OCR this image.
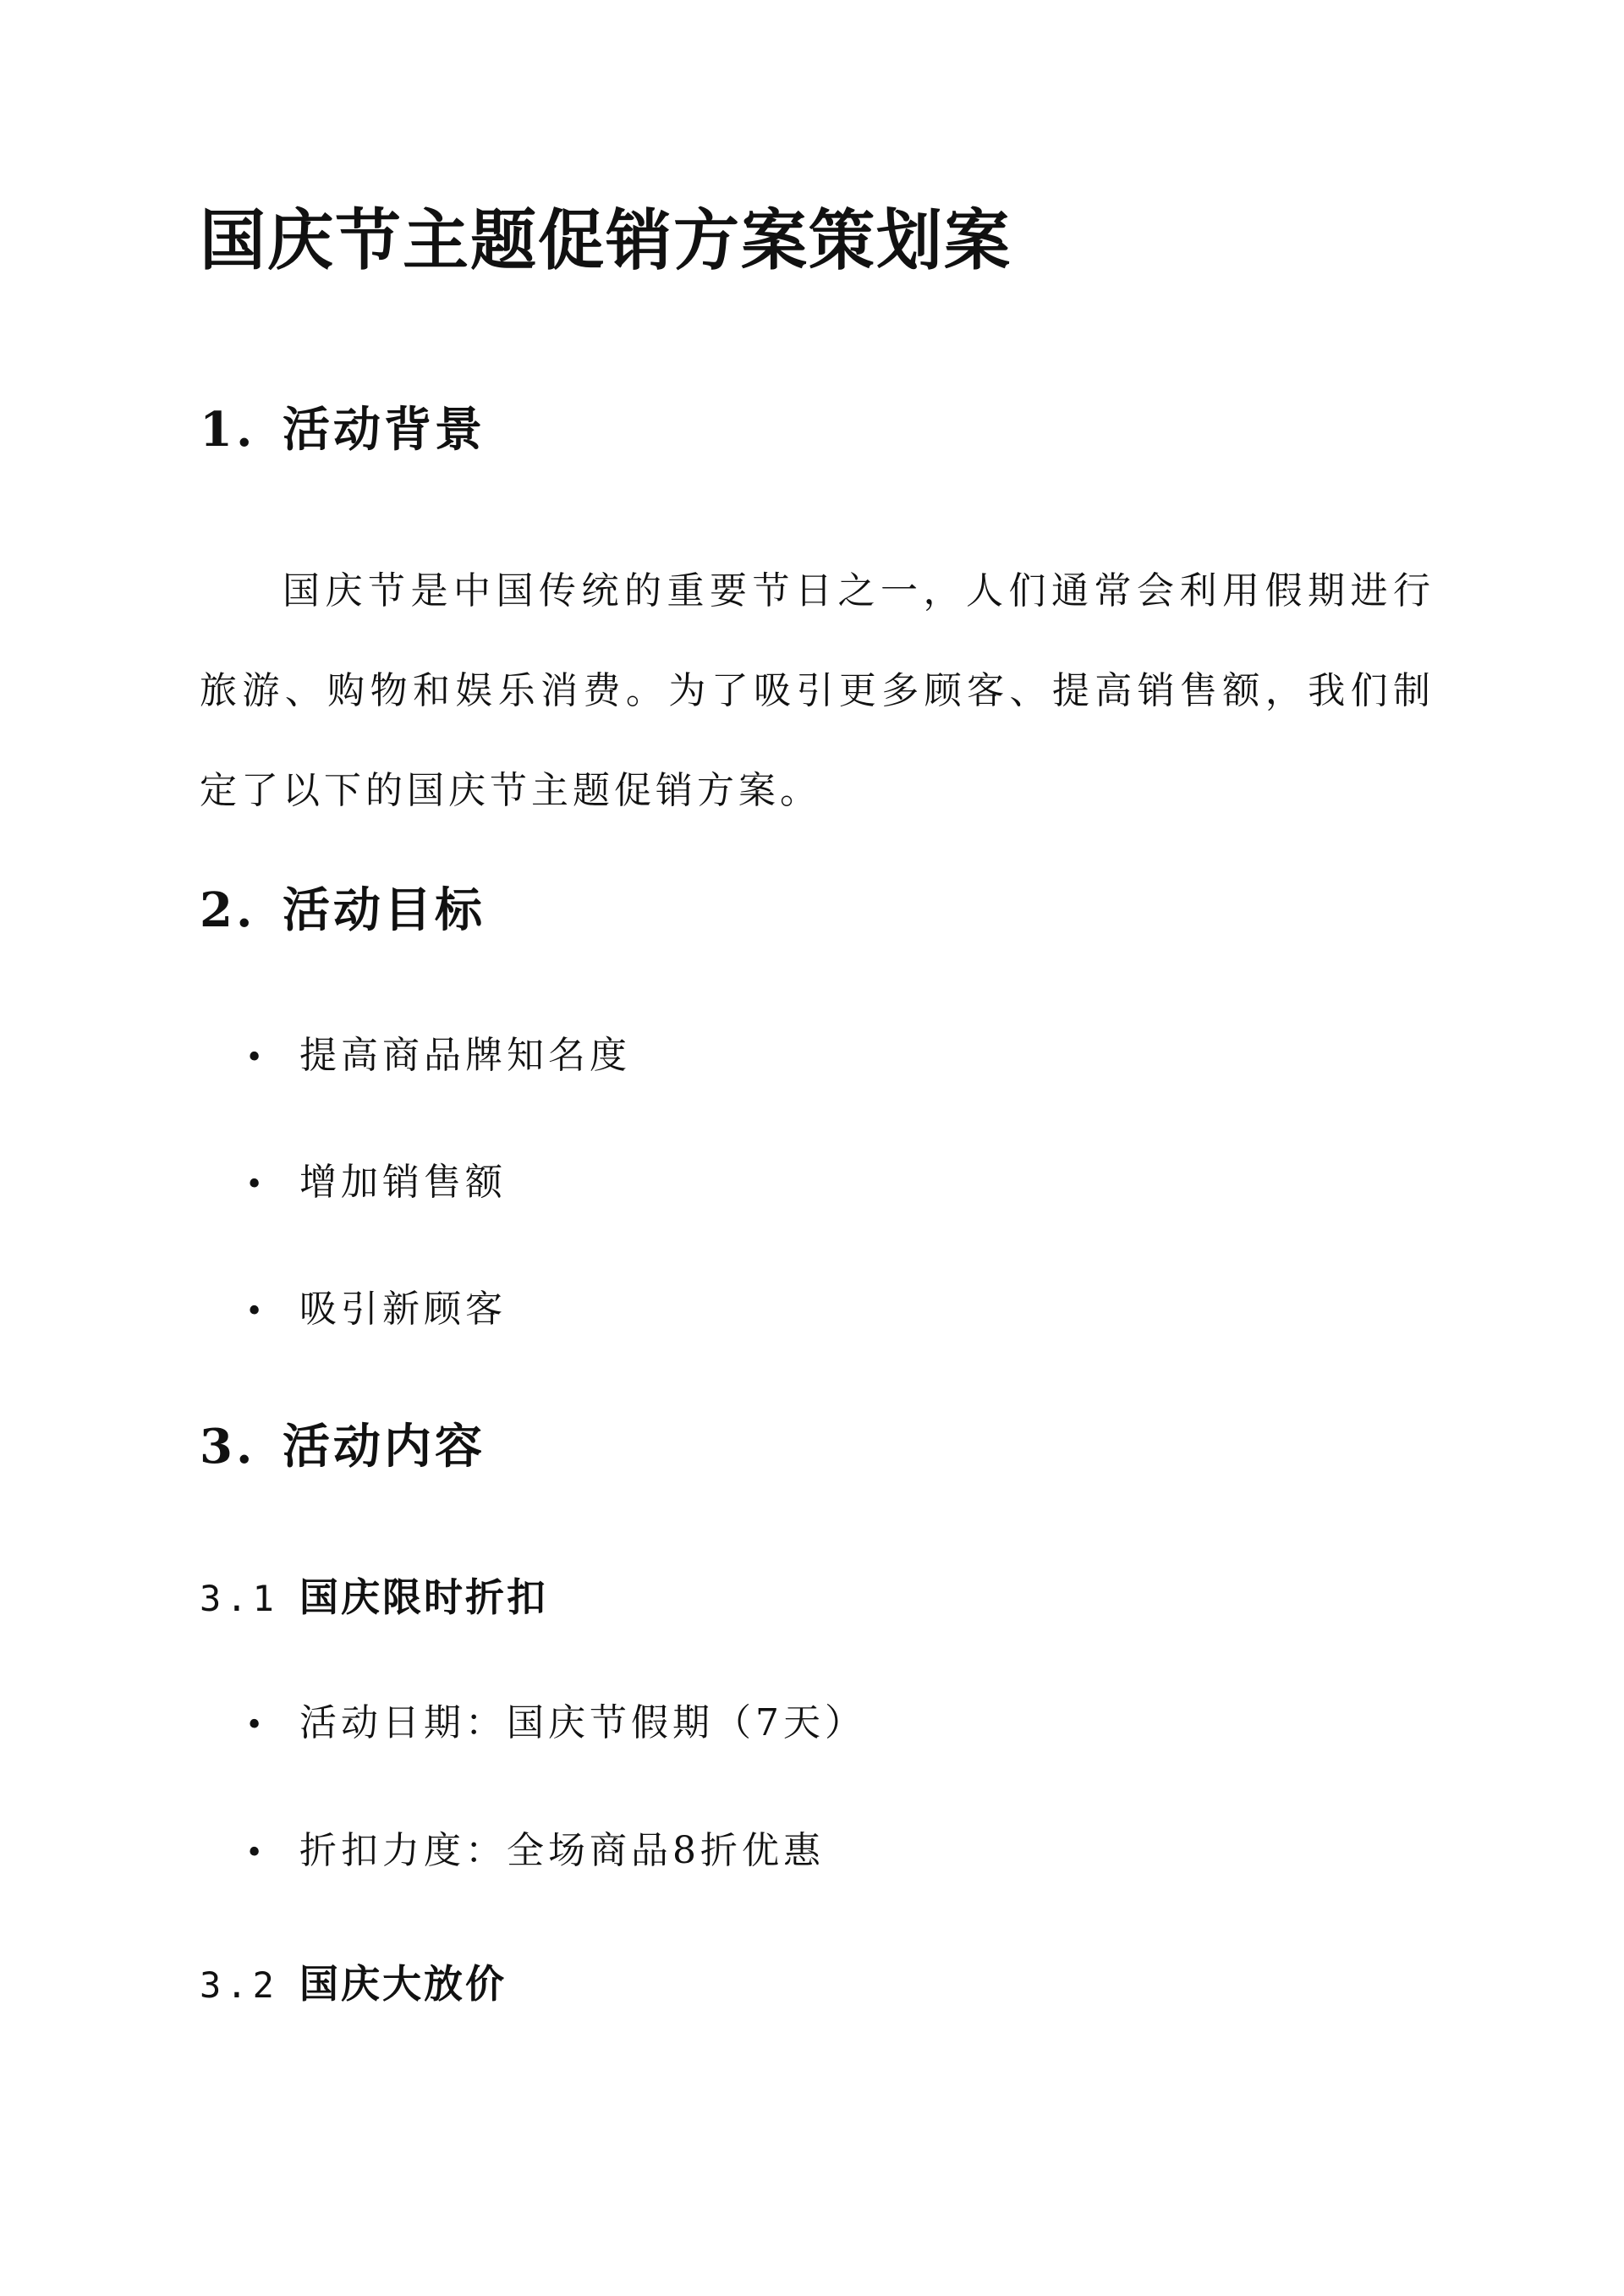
国庆节主题促销方案策划案
1. 活动背景

国庆节是中国传统的重要节日之一，人们通常会利用假期进行旅游、购物和娱乐消费。为了吸引更多顾客、提高销售额，我们制定了以下的国庆节主题促销方案。

2. 活动目标

• 提高商品牌知名度

• 增加销售额

• 吸引新顾客

3. 活动内容
3.1 国庆限时折扣

• 活动日期：国庆节假期（7天）

• 折扣力度：全场商品8折优惠

3.2 国庆大放价
